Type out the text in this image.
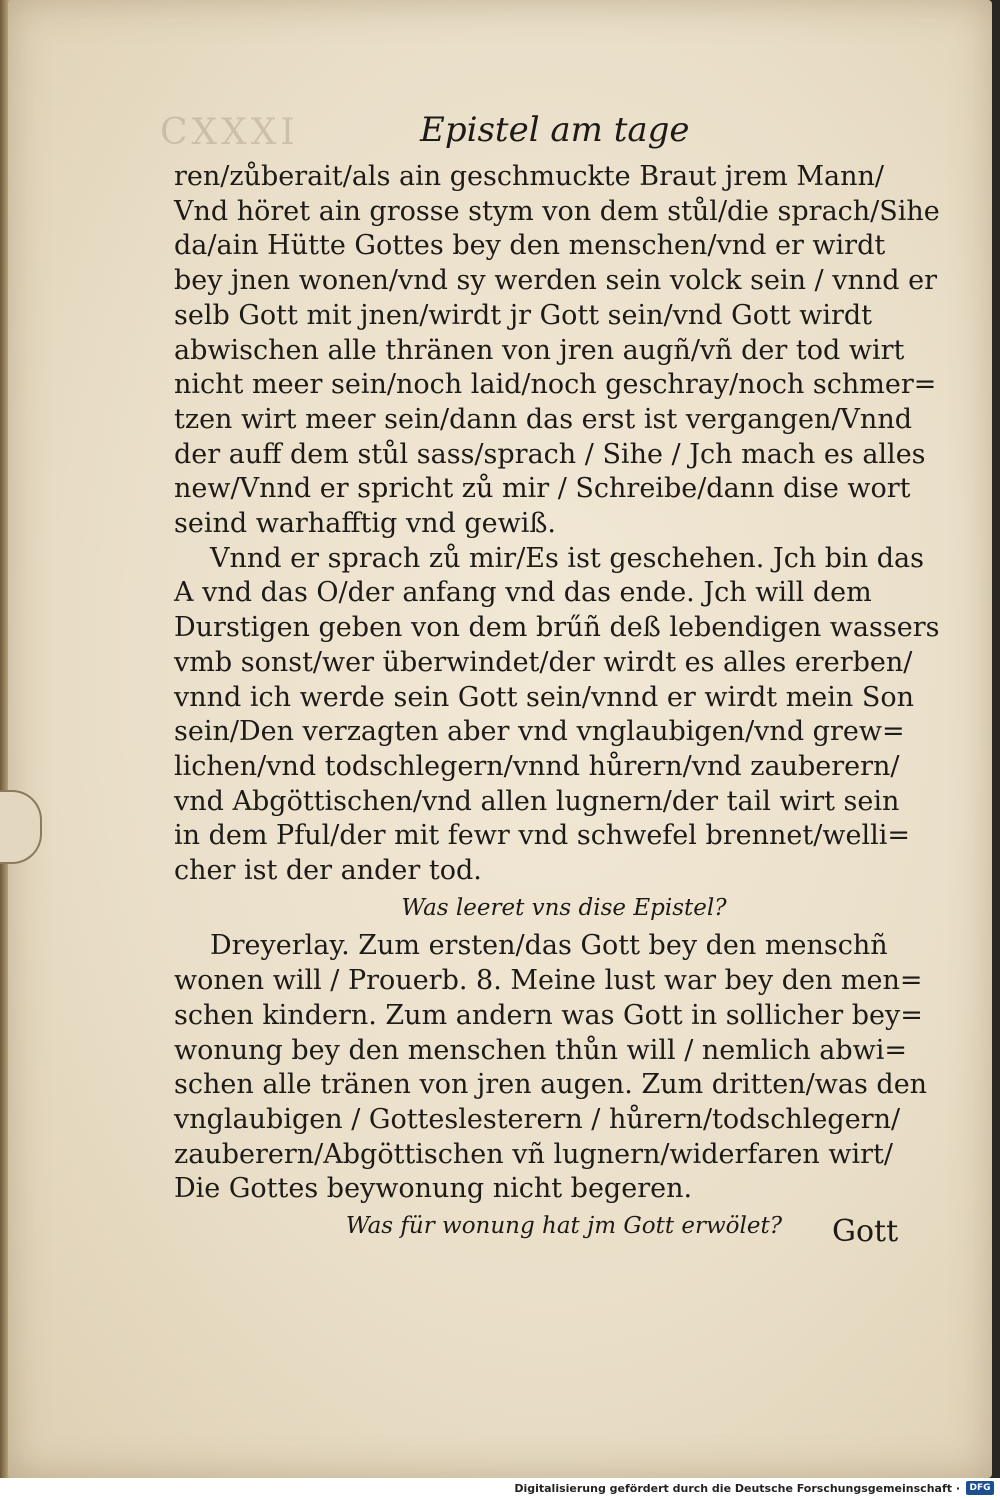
CXXXI	Epistel am tage
ren/zůberait/als ain geschmuckte Braut jrem Mann/
Vnd höret ain grosse stym von dem stůl/die sprach/Sihe
da/ain Hütte Gottes bey den menschen/vnd er wirdt
bey jnen wonen/vnd sy werden sein volck sein / vnnd er
selb Gott mit jnen/wirdt jr Gott sein/vnd Gott wirdt
abwischen alle thränen von jren augñ/vñ der tod wirt
nicht meer sein/noch laid/noch geschray/noch schmer=
tzen wirt meer sein/dann das erst ist vergangen/Vnnd
der auff dem stůl sass/sprach / Sihe / Jch mach es alles
new/Vnnd er spricht zů mir / Schreibe/dann dise wort
seind warhafftig vnd gewiß.
Vnnd er sprach zů mir/Es ist geschehen. Jch bin das
A vnd das O/der anfang vnd das ende. Jch will dem
Durstigen geben von dem brűñ deß lebendigen wassers
vmb sonst/wer überwindet/der wirdt es alles ererben/
vnnd ich werde sein Gott sein/vnnd er wirdt mein Son
sein/Den verzagten aber vnd vnglaubigen/vnd grew=
lichen/vnd todschlegern/vnnd hůrern/vnd zauberern/
vnd Abgöttischen/vnd allen lugnern/der tail wirt sein
in dem Pful/der mit fewr vnd schwefel brennet/welli=
cher ist der ander tod.
Was leeret vns dise Epistel?
Dreyerlay. Zum ersten/das Gott bey den menschñ
wonen will / Prouerb. 8. Meine lust war bey den men=
schen kindern. Zum andern was Gott in sollicher bey=
wonung bey den menschen thůn will / nemlich abwi=
schen alle tränen von jren augen. Zum dritten/was den
vnglaubigen / Gotteslesterern / hůrern/todschlegern/
zauberern/Abgöttischen vñ lugnern/widerfaren wirt/
Die Gottes beywonung nicht begeren.
Was für wonung hat jm Gott erwölet?	Gott
Digitalisierung gefördert durch die Deutsche Forschungsgemeinschaft ·	DFG
